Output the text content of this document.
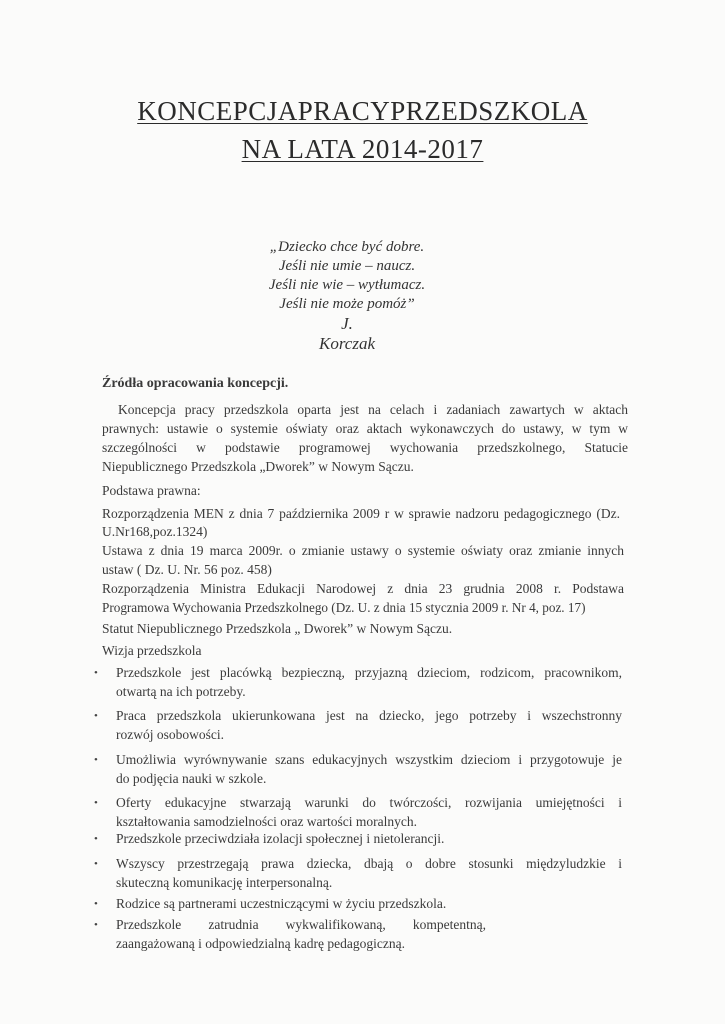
KONCEPCJAPRACYPRZEDSZKOLA
NA LATA 2014-2017
„Dziecko chce być dobre.
Jeśli nie umie – naucz.
Jeśli nie wie – wytłumacz.
Jeśli nie może pomóż”
J.
Korczak
Źródła opracowania koncepcji.
Koncepcja pracy przedszkola oparta jest na celach i zadaniach zawartych w aktach
prawnych: ustawie o systemie oświaty oraz aktach wykonawczych do ustawy, w tym w
szczególności w podstawie programowej wychowania przedszkolnego, Statucie
Niepublicznego Przedszkola „Dworek” w Nowym Sączu.
Podstawa prawna:
Rozporządzenia MEN z dnia 7 października 2009 r w sprawie nadzoru pedagogicznego (Dz.
U.Nr168,poz.1324)
Ustawa z dnia 19 marca 2009r. o zmianie ustawy o systemie oświaty oraz zmianie innych
ustaw ( Dz. U. Nr. 56 poz. 458)
Rozporządzenia Ministra Edukacji Narodowej z dnia 23 grudnia 2008 r. Podstawa
Programowa Wychowania Przedszkolnego (Dz. U. z dnia 15 stycznia 2009 r. Nr 4, poz. 17)
Statut Niepublicznego Przedszkola „ Dworek” w Nowym Sączu.
Wizja przedszkola
• Przedszkole jest placówką bezpieczną, przyjazną dzieciom, rodzicom, pracownikom,
otwartą na ich potrzeby.
• Praca przedszkola ukierunkowana jest na dziecko, jego potrzeby i wszechstronny
rozwój osobowości.
• Umożliwia wyrównywanie szans edukacyjnych wszystkim dzieciom i przygotowuje je
do podjęcia nauki w szkole.
• Oferty edukacyjne stwarzają warunki do twórczości, rozwijania umiejętności i
kształtowania samodzielności oraz wartości moralnych.
• Przedszkole przeciwdziała izolacji społecznej i nietolerancji.
• Wszyscy przestrzegają prawa dziecka, dbają o dobre stosunki międzyludzkie i
skuteczną komunikację interpersonalną.
• Rodzice są partnerami uczestniczącymi w życiu przedszkola.
• Przedszkole zatrudnia wykwalifikowaną, kompetentną,
zaangażowaną i odpowiedzialną kadrę pedagogiczną.
